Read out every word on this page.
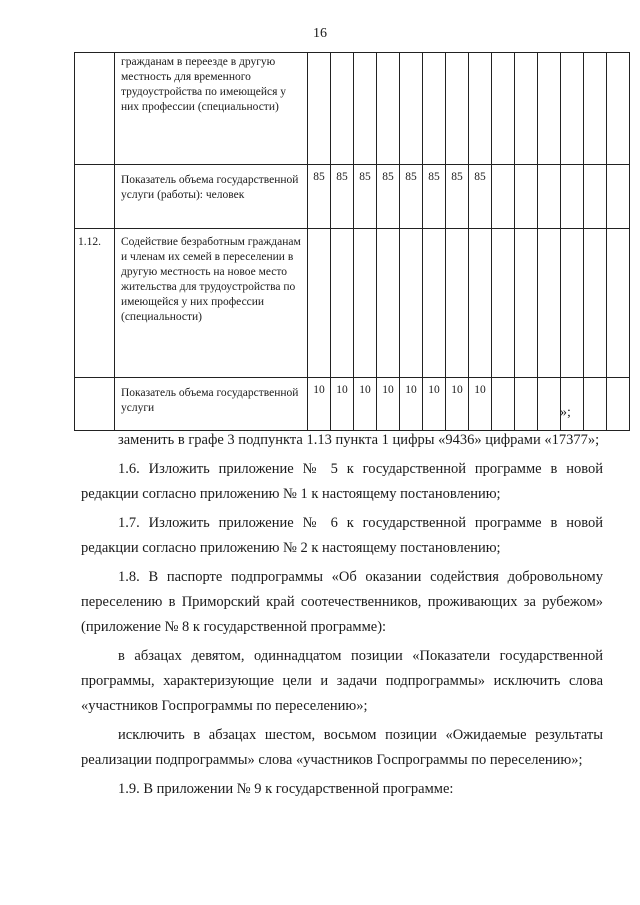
16
	гражданам в переезде в другую местность для временного трудоустройства по имеющейся у них профессии (специальности)														
	Показатель объема государственной услуги (работы): человек	85	85	85	85	85	85	85	85						
1.12.	Содействие безработным гражданам и членам их семей в переселении в другую местность на новое место жительства для трудоустройства по имеющейся у них профессии (специальности)														
	Показатель объема государственной услуги	10	10	10	10	10	10	10	10						
»;

заменить в графе 3 подпункта 1.13 пункта 1 цифры «9436» цифрами «17377»;

1.6. Изложить приложение № 5 к государственной программе в новой редакции согласно приложению № 1 к настоящему постановлению;

1.7. Изложить приложение № 6 к государственной программе в новой редакции согласно приложению № 2 к настоящему постановлению;

1.8. В паспорте подпрограммы «Об оказании содействия добровольному переселению в Приморский край соотечественников, проживающих за рубежом» (приложение № 8 к государственной программе):

в абзацах девятом, одиннадцатом позиции «Показатели государственной программы, характеризующие цели и задачи подпрограммы» исключить слова «участников Госпрограммы по переселению»;

исключить в абзацах шестом, восьмом позиции «Ожидаемые результаты реализации подпрограммы» слова «участников Госпрограммы по переселению»;

1.9. В приложении № 9 к государственной программе:
